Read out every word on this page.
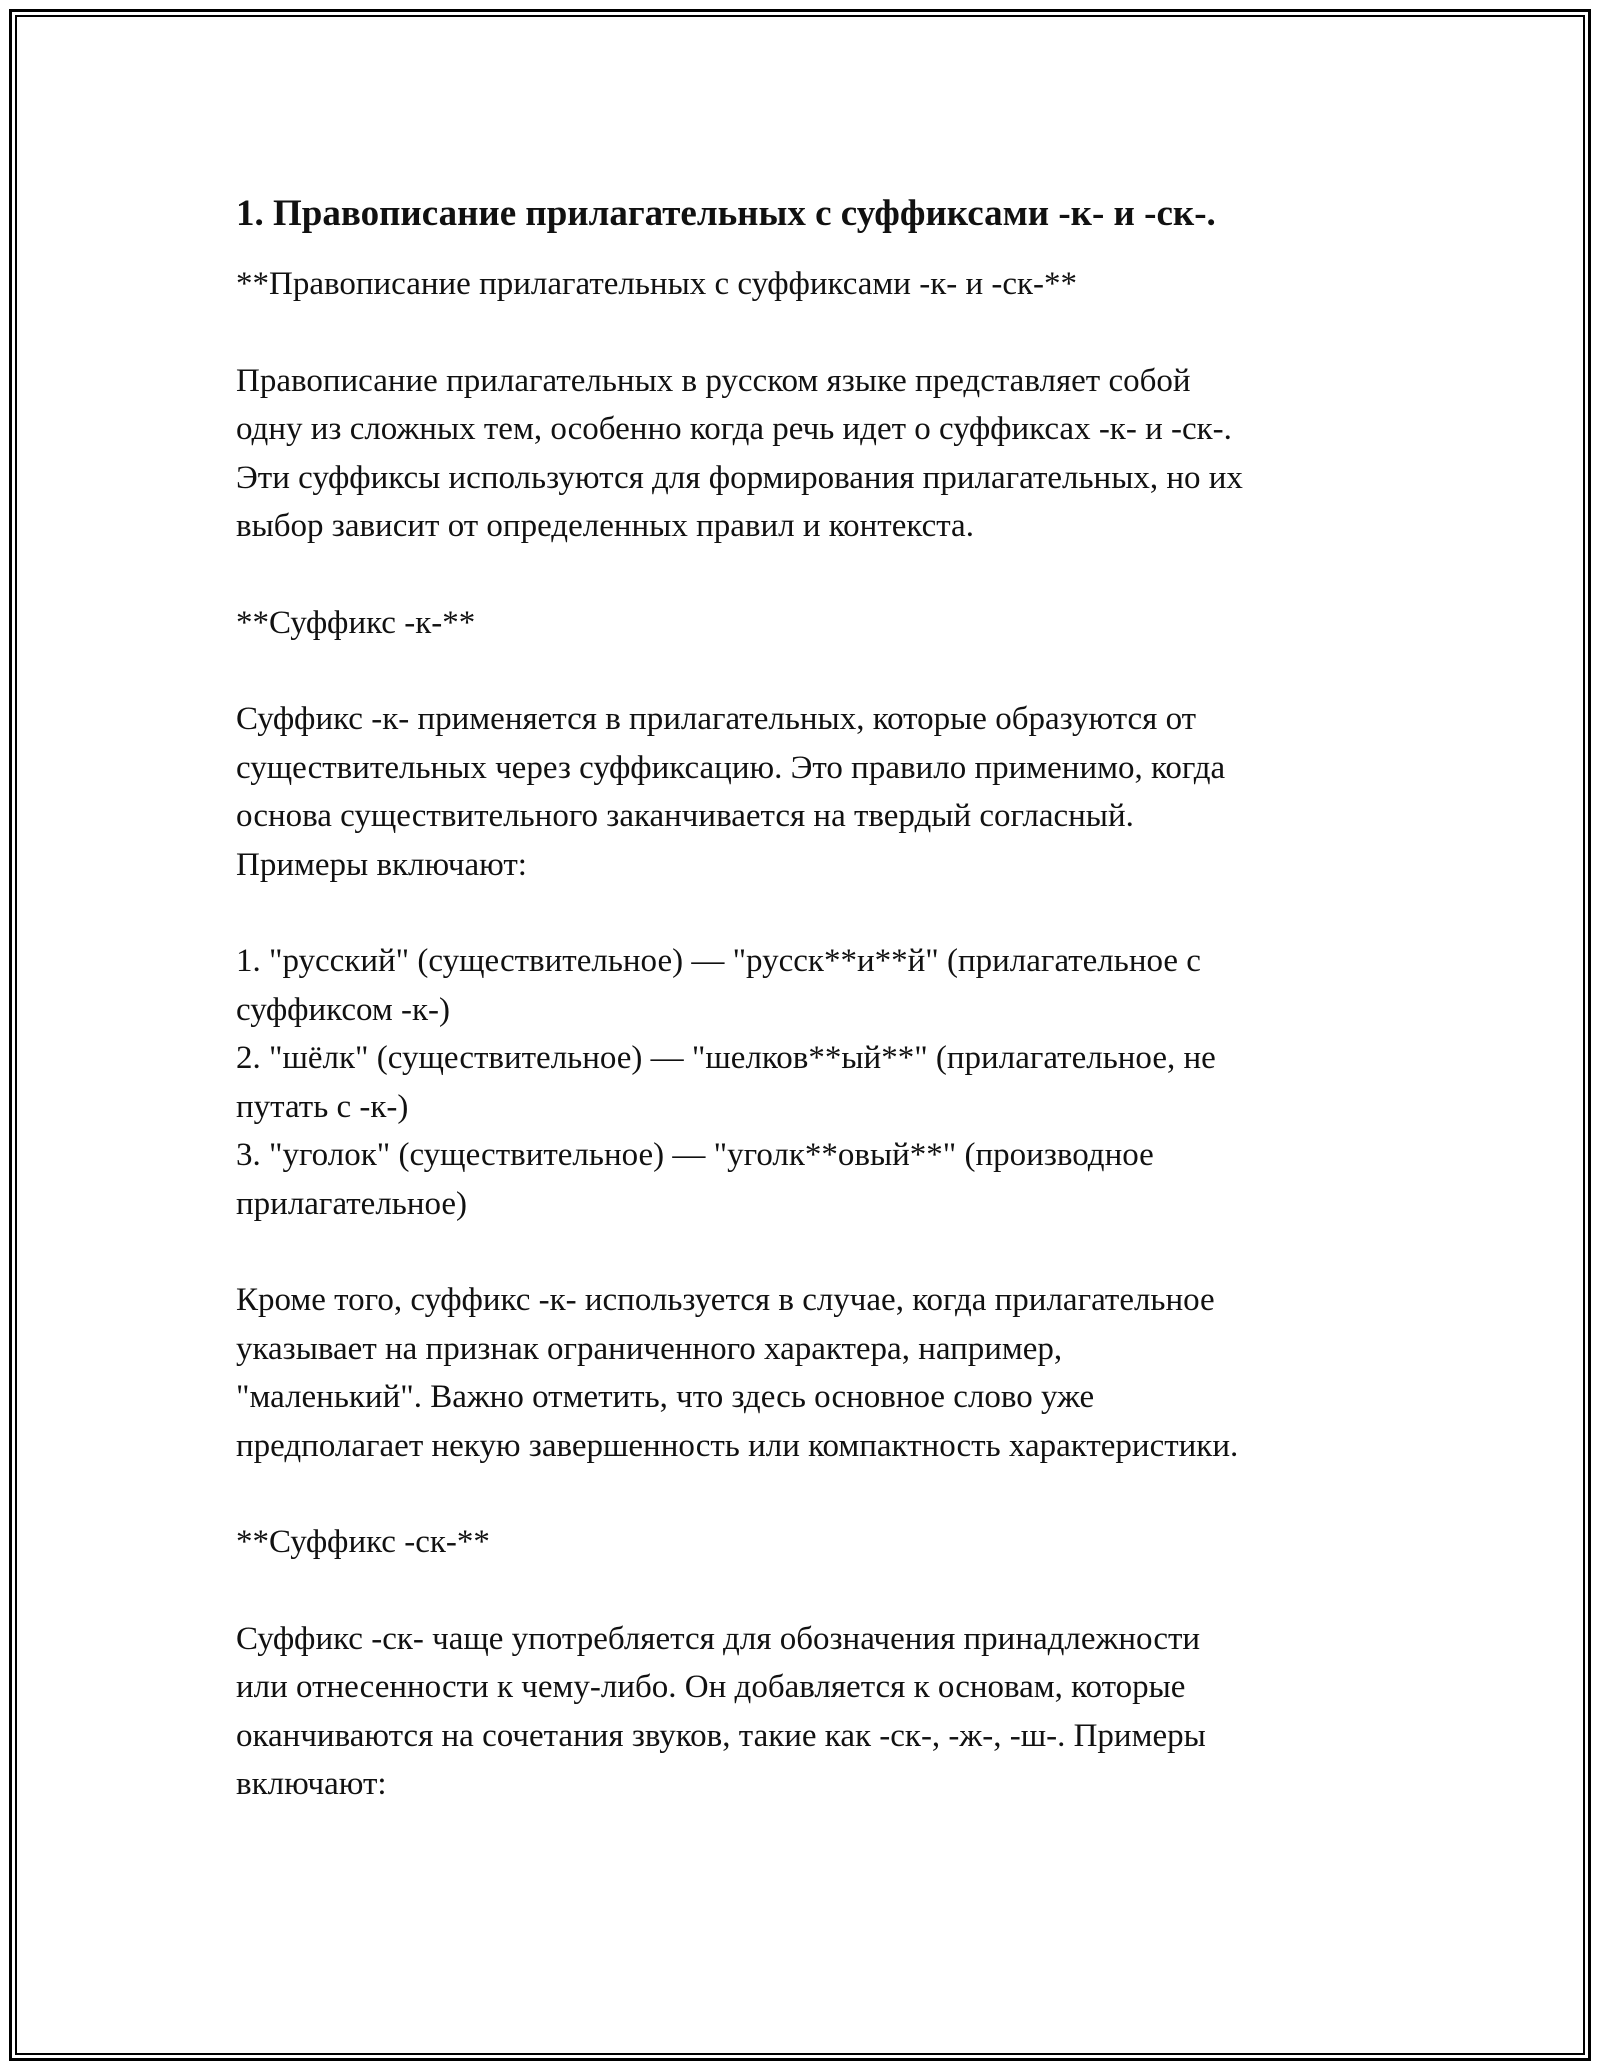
1. Правописание прилагательных с суффиксами -к- и -ск-.

**Правописание прилагательных с суффиксами -к- и -ск-**

Правописание прилагательных в русском языке представляет собой
одну из сложных тем, особенно когда речь идет о суффиксах -к- и -ск-.
Эти суффиксы используются для формирования прилагательных, но их
выбор зависит от определенных правил и контекста.

**Суффикс -к-**

Суффикс -к- применяется в прилагательных, которые образуются от
существительных через суффиксацию. Это правило применимо, когда
основа существительного заканчивается на твердый согласный.
Примеры включают:
1. "русский" (существительное) — "русск**и**й" (прилагательное с
суффиксом -к-)
2. "шёлк" (существительное) — "шелков**ый**" (прилагательное, не
путать с -к-)
3. "уголок" (существительное) — "уголк**овый**" (производное
прилагательное)
Кроме того, суффикс -к- используется в случае, когда прилагательное
указывает на признак ограниченного характера, например,
"маленький". Важно отметить, что здесь основное слово уже
предполагает некую завершенность или компактность характеристики.

**Суффикс -ск-**

Суффикс -ск- чаще употребляется для обозначения принадлежности
или отнесенности к чему-либо. Он добавляется к основам, которые
оканчиваются на сочетания звуков, такие как -ск-, -ж-, -ш-. Примеры
включают:
